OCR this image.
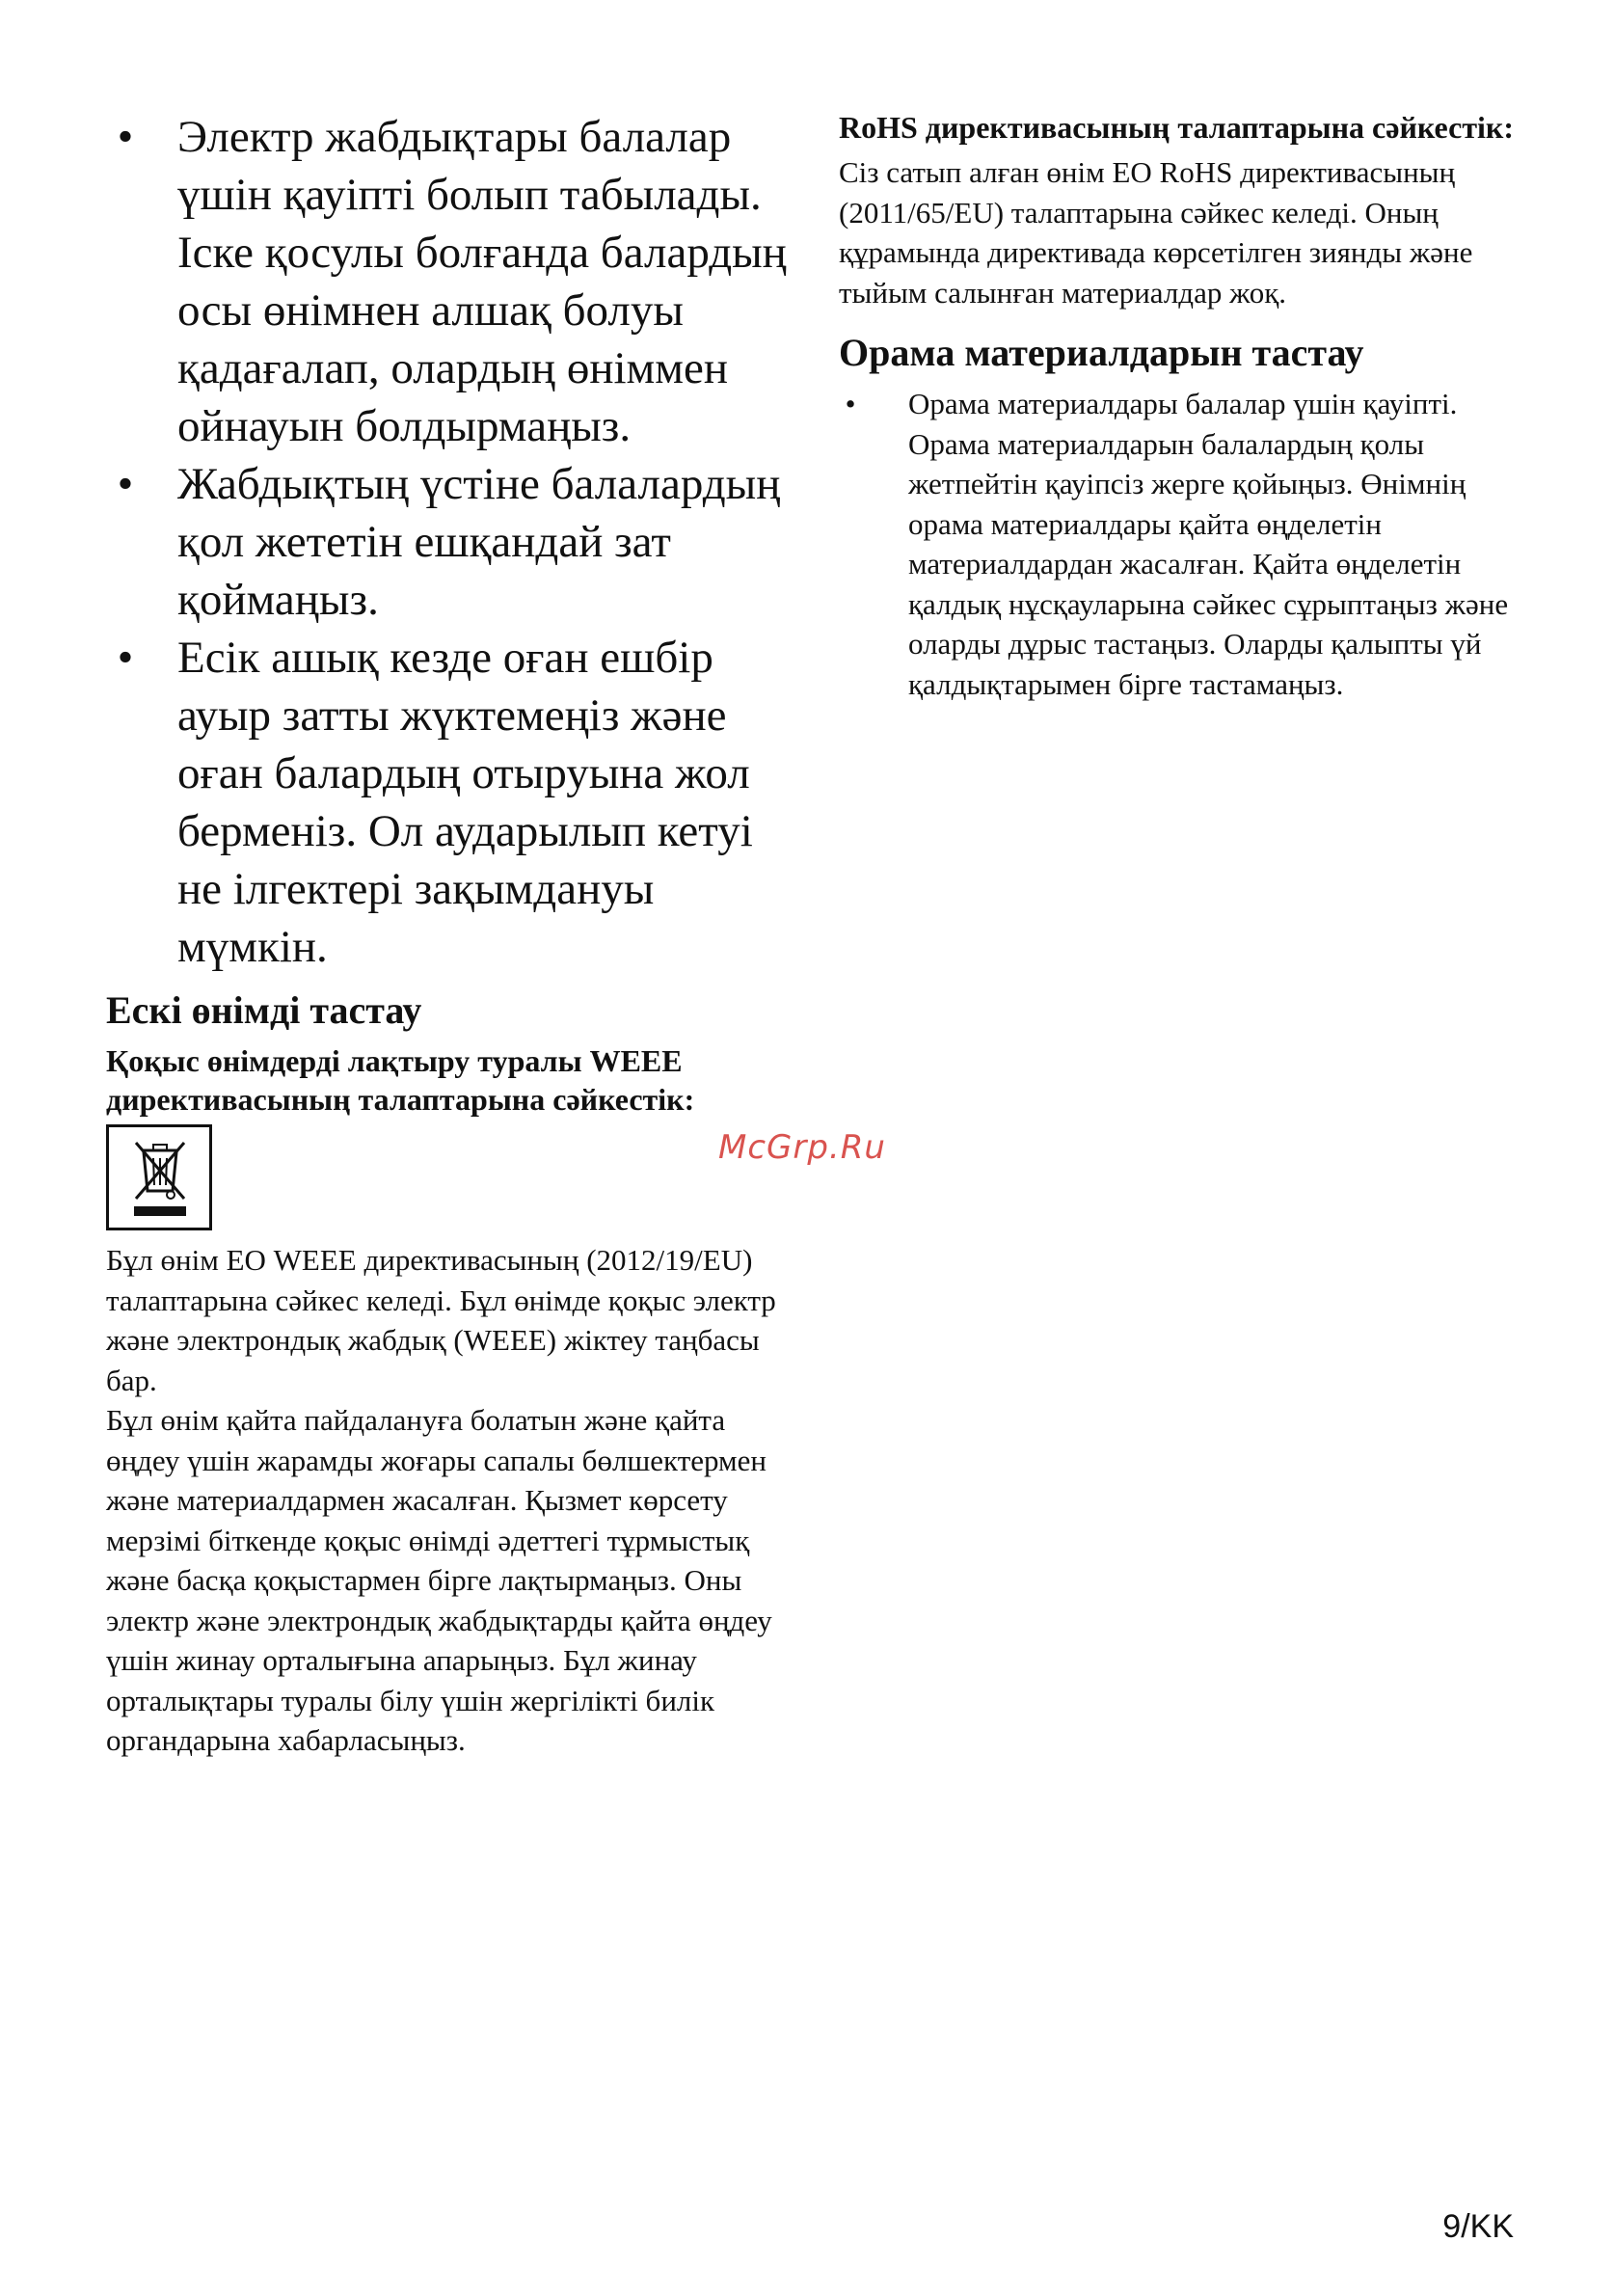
• Электр жабдықтары балалар үшін қауіпті болып табылады. Іске қосулы болғанда балардың осы өнімнен алшақ болуы қадағалап, олардың өніммен ойнауын болдырмаңыз.
• Жабдықтың үстіне балалардың қол жететін ешқандай зат қоймаңыз.
• Есік ашық кезде оған ешбір ауыр затты жүктемеңіз және оған балардың отыруына жол берменіз. Ол аударылып кетуі не ілгектері зақымдануы мүмкін.
Ескі өнімді тастау
Қоқыс өнімдерді лақтыру туралы WEEE директивасының талаптарына сәйкестік:

Бұл өнім ЕО WEEE директивасының (2012/19/EU) талаптарына сәйкес келеді. Бұл өнімде қоқыс электр және электрондық жабдық (WEEE) жіктеу таңбасы бар.

Бұл өнім қайта пайдалануға болатын және қайта өңдеу үшін жарамды жоғары сапалы бөлшектермен және материалдармен жасалған. Қызмет көрсету мерзімі біткенде қоқыс өнімді әдеттегі тұрмыстық және басқа қоқыстармен бірге лақтырмаңыз. Оны электр және электрондық жабдықтарды қайта өңдеу үшін жинау орталығына апарыңыз. Бұл жинау орталықтары туралы білу үшін жергілікті билік органдарына хабарласыңыз.

RoHS директивасының талаптарына сәйкестік:

Сіз сатып алған өнім ЕО RoHS директивасының (2011/65/EU) талаптарына сәйкес келеді. Оның құрамында директивада көрсетілген зиянды және тыйым салынған материалдар жоқ.

Орама материалдарын тастау
• Орама материалдары балалар үшін қауіпті. Орама материалдарын балалардың қолы жетпейтін қауіпсіз жерге қойыңыз. Өнімнің орама материалдары қайта өңделетін материалдардан жасалған. Қайта өңделетін қалдық нұсқауларына сәйкес сұрыптаңыз және оларды дұрыс тастаңыз. Оларды қалыпты үй қалдықтарымен бірге тастамаңыз.
McGrp.Ru
9/KK
